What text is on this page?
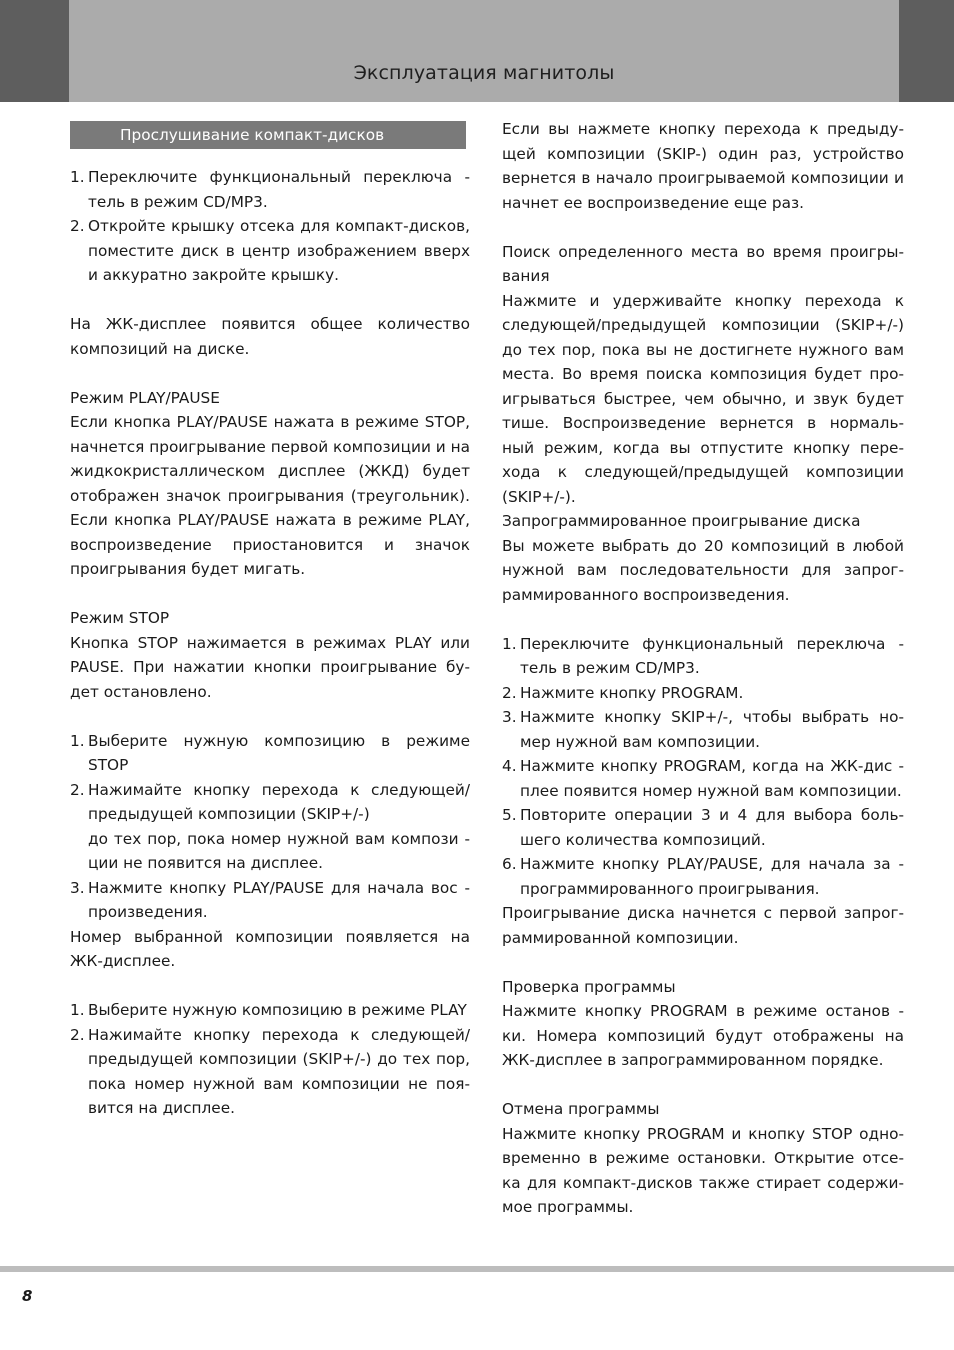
Эксплуатация магнитолы
Прослушивание компакт-дисков
1. Переключите функциональный переключа - тель в режим CD/MP3.
2. Откройте крышку отсека для компакт-дисков, поместите диск в центр изображением вверх и аккуратно закройте крышку.
На ЖК-дисплее появится общее количество композиций на диске.
Режим PLAY/PAUSE
Если кнопка PLAY/PAUSE нажата в режиме STOP, начнется проигрывание первой композиции и на жидкокристаллическом дисплее (ЖКД) будет отображен значок проигрывания (треугольник). Если кнопка PLAY/PAUSE нажата в режиме PLAY, воспроизведение приостановится и значок проигрывания будет мигать.
Режим STOP
Кнопка STOP нажимается в режимах PLAY или PAUSE. При нажатии кнопки проигрывание бу- дет остановлено.
1. Выберите нужную композицию в режиме STOP
2. Нажимайте кнопку перехода к следующей/ предыдущей композиции (SKIP+/-)
до тех пор, пока номер нужной вам компози - ции не появится на дисплее.
3. Нажмите кнопку PLAY/PAUSE для начала вос - произведения.
Номер выбранной композиции появляется на ЖК-дисплее.
1. Выберите нужную композицию в режиме PLAY
2. Нажимайте кнопку перехода к следующей/ предыдущей композиции (SKIP+/-) до тех пор, пока номер нужной вам композиции не поя- вится на дисплее.
Если вы нажмете кнопку перехода к предыду- щей композиции (SKIP-) один раз, устройство вернется в начало проигрываемой композиции и начнет ее воспроизведение еще раз.
Поиск определенного места во время проигры- вания
Нажмите и удерживайте кнопку перехода к следующей/предыдущей композиции (SKIP+/-) до тех пор, пока вы не достигнете нужного вам места. Во время поиска композиция будет про- игрываться быстрее, чем обычно, и звук будет тише. Воспроизведение вернется в нормаль- ный режим, когда вы отпустите кнопку пере- хода к следующей/предыдущей композиции (SKIP+/-).
Запрограммированное проигрывание диска
Вы можете выбрать до 20 композиций в любой нужной вам последовательности для запрог- раммированного воспроизведения.
1. Переключите функциональный переключа - тель в режим CD/MP3.
2. Нажмите кнопку PROGRAM.
3. Нажмите кнопку SKIP+/-, чтобы выбрать но- мер нужной вам композиции.
4. Нажмите кнопку PROGRAM, когда на ЖК-дис - плее появится номер нужной вам композиции.
5. Повторите операции 3 и 4 для выбора боль- шего количества композиций.
6. Нажмите кнопку PLAY/PAUSE, для начала за - программированного проигрывания.
Проигрывание диска начнется с первой запрог- раммированной композиции.
Проверка программы
Нажмите кнопку PROGRAM в режиме останов - ки. Номера композиций будут отображены на ЖК-дисплее в запрограммированном порядке.
Отмена программы
Нажмите кнопку PROGRAM и кнопку STOP одно- временно в режиме остановки. Открытие отсе- ка для компакт-дисков также стирает содержи- мое программы.
8
